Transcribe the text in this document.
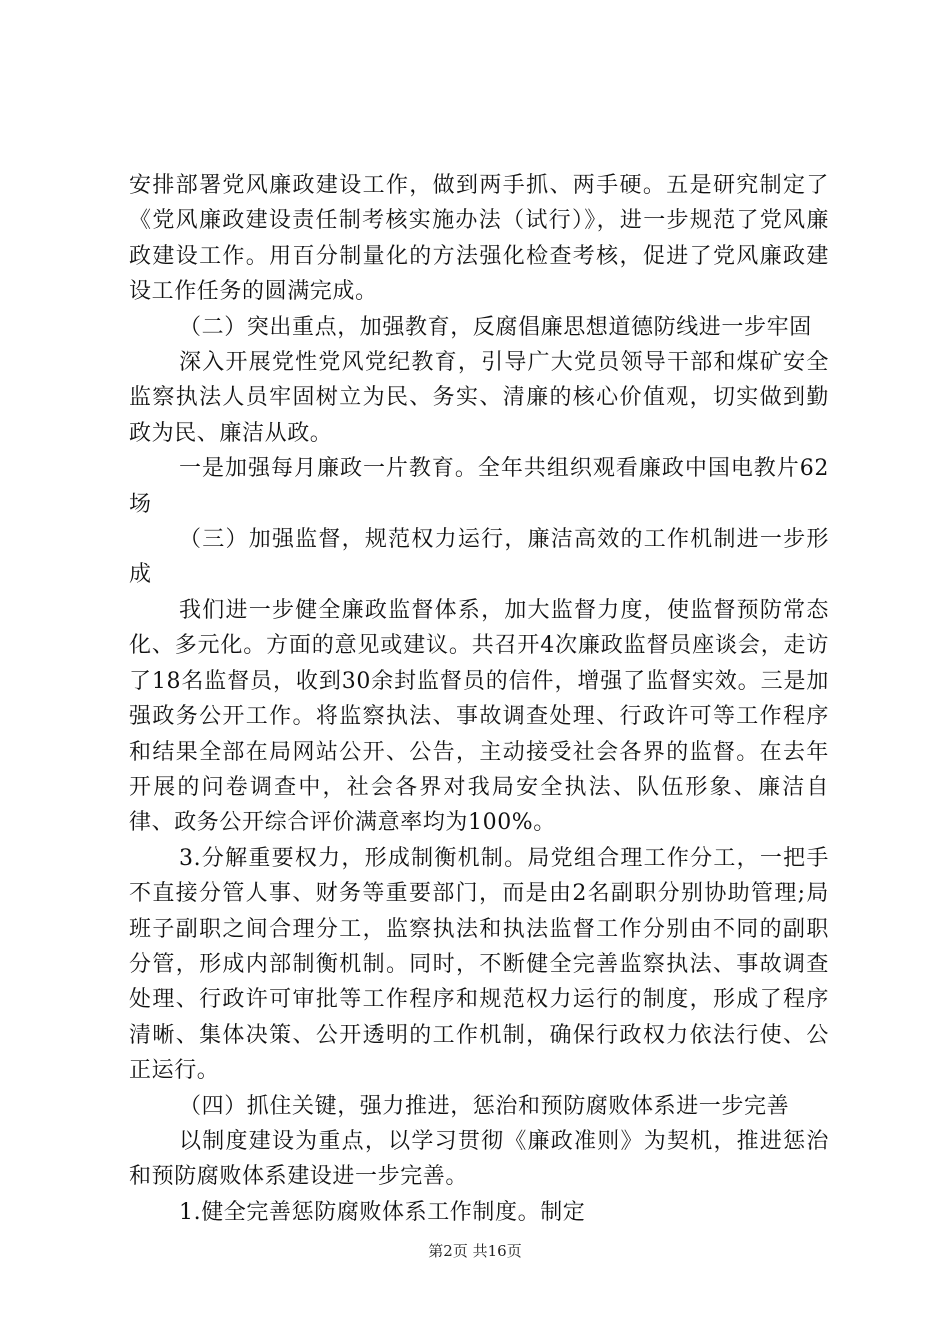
安排部署党风廉政建设工作，做到两手抓、两手硬。五是研究制定了《党风廉政建设责任制考核实施办法（试行）》，进一步规范了党风廉政建设工作。用百分制量化的方法强化检查考核，促进了党风廉政建设工作任务的圆满完成。

（二）突出重点，加强教育，反腐倡廉思想道德防线进一步牢固

深入开展党性党风党纪教育，引导广大党员领导干部和煤矿安全监察执法人员牢固树立为民、务实、清廉的核心价值观，切实做到勤政为民、廉洁从政。

一是加强每月廉政一片教育。全年共组织观看廉政中国电教片62场

（三）加强监督，规范权力运行，廉洁高效的工作机制进一步形成

我们进一步健全廉政监督体系，加大监督力度，使监督预防常态化、多元化。方面的意见或建议。共召开4次廉政监督员座谈会，走访了18名监督员，收到30余封监督员的信件，增强了监督实效。三是加强政务公开工作。将监察执法、事故调查处理、行政许可等工作程序和结果全部在局网站公开、公告，主动接受社会各界的监督。在去年开展的问卷调查中，社会各界对我局安全执法、队伍形象、廉洁自律、政务公开综合评价满意率均为100%。

3.分解重要权力，形成制衡机制。局党组合理工作分工，一把手不直接分管人事、财务等重要部门，而是由2名副职分别协助管理;局班子副职之间合理分工，监察执法和执法监督工作分别由不同的副职分管，形成内部制衡机制。同时，不断健全完善监察执法、事故调查处理、行政许可审批等工作程序和规范权力运行的制度，形成了程序清晰、集体决策、公开透明的工作机制，确保行政权力依法行使、公正运行。

（四）抓住关键，强力推进，惩治和预防腐败体系进一步完善

以制度建设为重点，以学习贯彻《廉政准则》为契机，推进惩治和预防腐败体系建设进一步完善。

1.健全完善惩防腐败体系工作制度。制定

第2页 共16页
